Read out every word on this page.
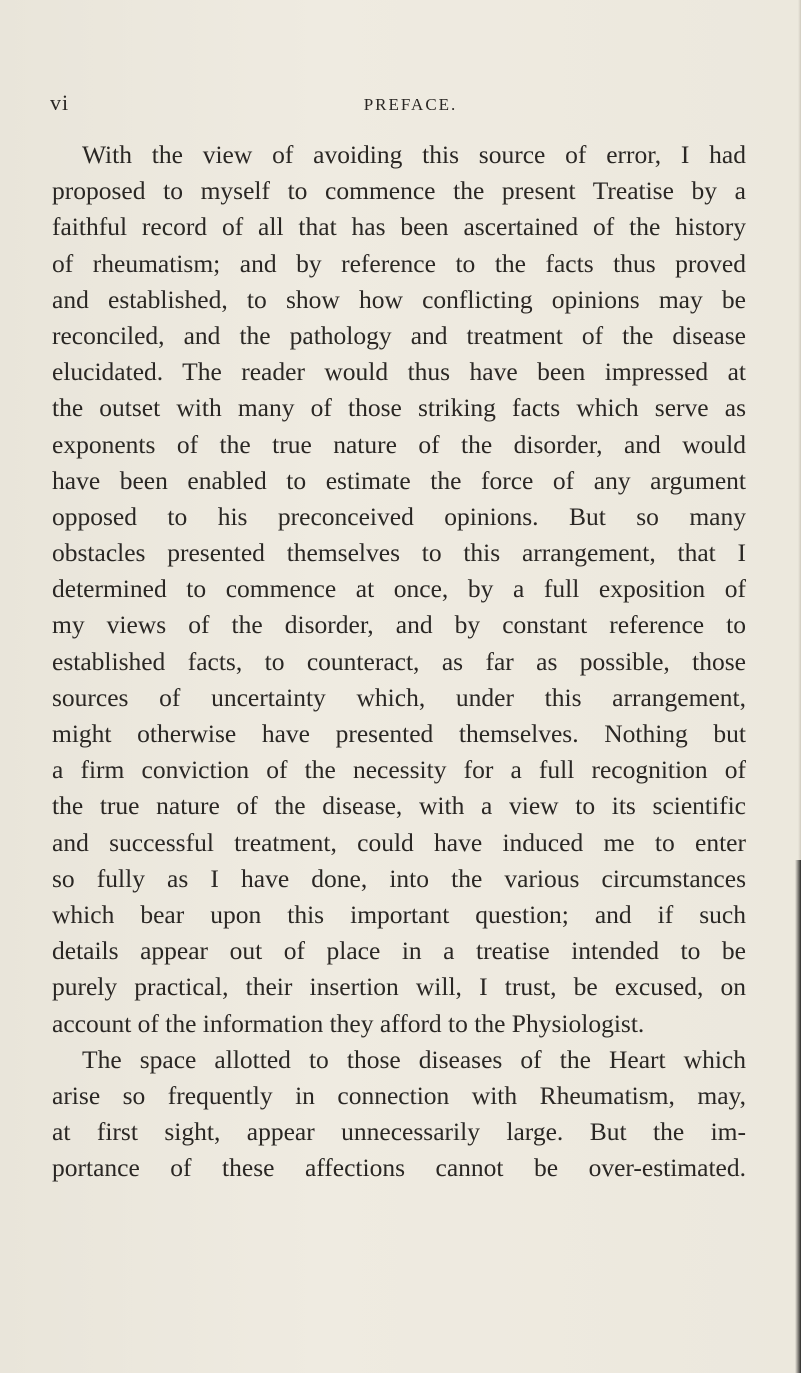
vi	PREFACE.
With the view of avoiding this source of error, I had
proposed to myself to commence the present Treatise by a
faithful record of all that has been ascertained of the history
of rheumatism; and by reference to the facts thus proved
and established, to show how conflicting opinions may be
reconciled, and the pathology and treatment of the disease
elucidated. The reader would thus have been impressed at
the outset with many of those striking facts which serve as
exponents of the true nature of the disorder, and would
have been enabled to estimate the force of any argument
opposed to his preconceived opinions. But so many
obstacles presented themselves to this arrangement, that I
determined to commence at once, by a full exposition of
my views of the disorder, and by constant reference to
established facts, to counteract, as far as possible, those
sources of uncertainty which, under this arrangement,
might otherwise have presented themselves. Nothing but
a firm conviction of the necessity for a full recognition of
the true nature of the disease, with a view to its scientific
and successful treatment, could have induced me to enter
so fully as I have done, into the various circumstances
which bear upon this important question; and if such
details appear out of place in a treatise intended to be
purely practical, their insertion will, I trust, be excused, on
account of the information they afford to the Physiologist.
The space allotted to those diseases of the Heart which
arise so frequently in connection with Rheumatism, may,
at first sight, appear unnecessarily large. But the im-
portance of these affections cannot be over-estimated.
